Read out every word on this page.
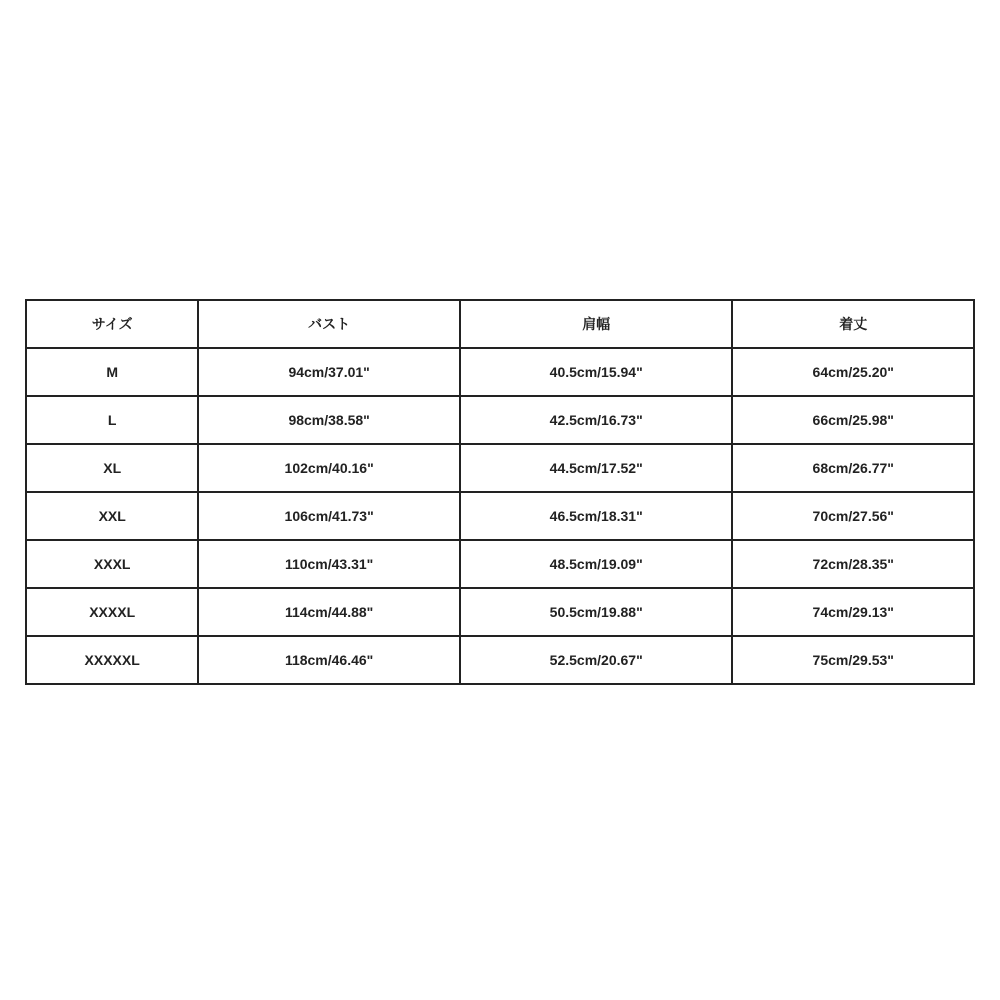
サイズ	バスト	肩幅	着丈
M	94cm/37.01"	40.5cm/15.94"	64cm/25.20"
L	98cm/38.58"	42.5cm/16.73"	66cm/25.98"
XL	102cm/40.16"	44.5cm/17.52"	68cm/26.77"
XXL	106cm/41.73"	46.5cm/18.31"	70cm/27.56"
XXXL	110cm/43.31"	48.5cm/19.09"	72cm/28.35"
XXXXL	114cm/44.88"	50.5cm/19.88"	74cm/29.13"
XXXXXL	118cm/46.46"	52.5cm/20.67"	75cm/29.53"
